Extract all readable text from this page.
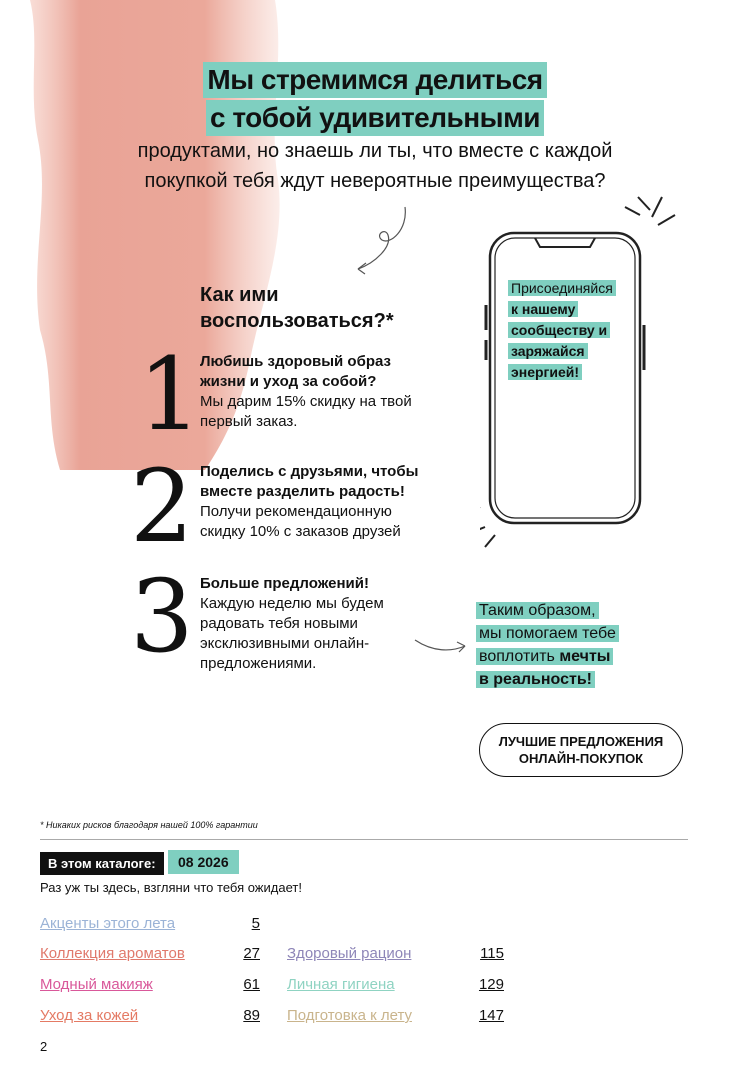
Мы стремимся делиться
с тобой удивительными
продуктами, но знаешь ли ты, что вместе с каждой
покупкой тебя ждут невероятные преимущества?
Как ими
воспользоваться?*
1
Любишь здоровый образ жизни и уход за собой?
Мы дарим 15% скидку на твой первый заказ.
2 Поделись с друзьями, чтобы вместе разделить радость!
Получи рекомендационную скидку 10% с заказов друзей
3 Больше предложений!
Каждую неделю мы будем радовать тебя новыми эксклюзивными онлайн-предложениями.
Присоединяйся
к нашему
сообществу и
заряжайся
энергией!
Таким образом,
мы помогаем тебе
воплотить мечты
в реальность!
ЛУЧШИЕ ПРЕДЛОЖЕНИЯ
ОНЛАЙН-ПОКУПОК
* Никаких рисков благодаря нашей 100% гарантии
В этом каталоге:	08 2026
Раз уж ты здесь, взгляни что тебя ожидает!
Акценты этого лета	5
Коллекция ароматов	27
Модный макияж	61
Уход за кожей	89
Здоровый рацион	115
Личная гигиена	129
Подготовка к лету	147
2
